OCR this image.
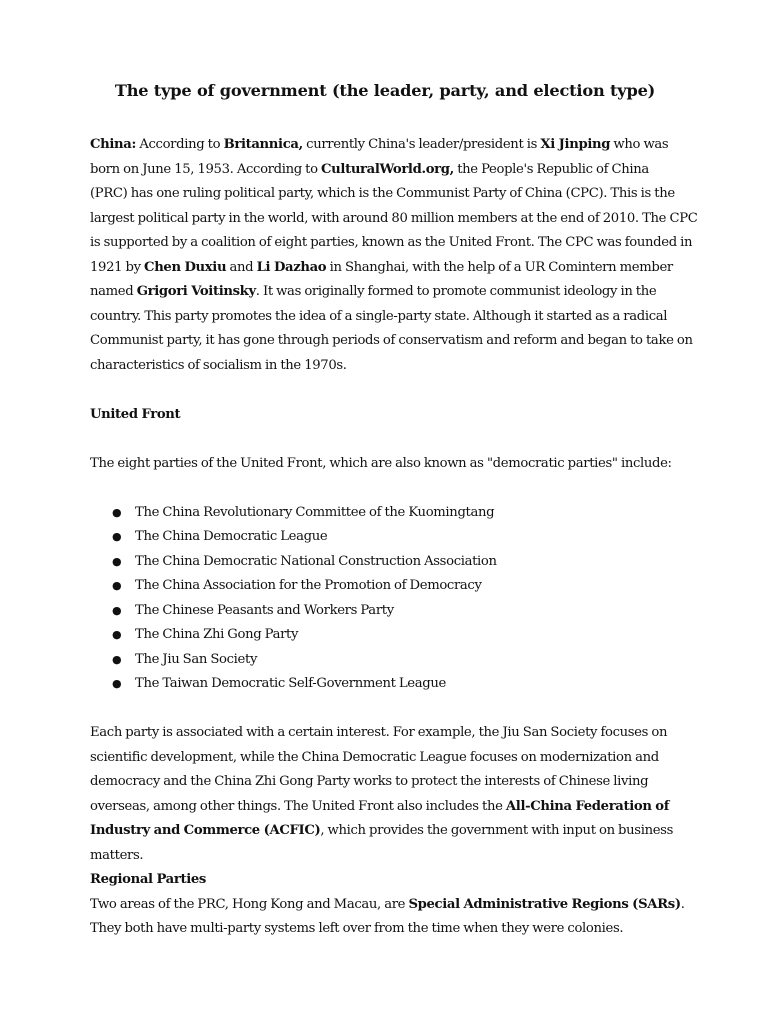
The type of government (the leader, party, and election type)

China: According to Britannica, currently China's leader/president is Xi Jinping who was
born on June 15, 1953. According to CulturalWorld.org, the People's Republic of China
(PRC) has one ruling political party, which is the Communist Party of China (CPC). This is the
largest political party in the world, with around 80 million members at the end of 2010. The CPC
is supported by a coalition of eight parties, known as the United Front. The CPC was founded in
1921 by Chen Duxiu and Li Dazhao in Shanghai, with the help of a UR Comintern member
named Grigori Voitinsky. It was originally formed to promote communist ideology in the
country. This party promotes the idea of a single-party state. Although it started as a radical
Communist party, it has gone through periods of conservatism and reform and began to take on
characteristics of socialism in the 1970s.

United Front

The eight parties of the United Front, which are also known as "democratic parties" include:

● The China Revolutionary Committee of the Kuomingtang
● The China Democratic League
● The China Democratic National Construction Association
● The China Association for the Promotion of Democracy
● The Chinese Peasants and Workers Party
● The China Zhi Gong Party
● The Jiu San Society
● The Taiwan Democratic Self-Government League

Each party is associated with a certain interest. For example, the Jiu San Society focuses on
scientific development, while the China Democratic League focuses on modernization and
democracy and the China Zhi Gong Party works to protect the interests of Chinese living
overseas, among other things. The United Front also includes the All-China Federation of
Industry and Commerce (ACFIC), which provides the government with input on business
matters.

Regional Parties

Two areas of the PRC, Hong Kong and Macau, are Special Administrative Regions (SARs).
They both have multi-party systems left over from the time when they were colonies.
